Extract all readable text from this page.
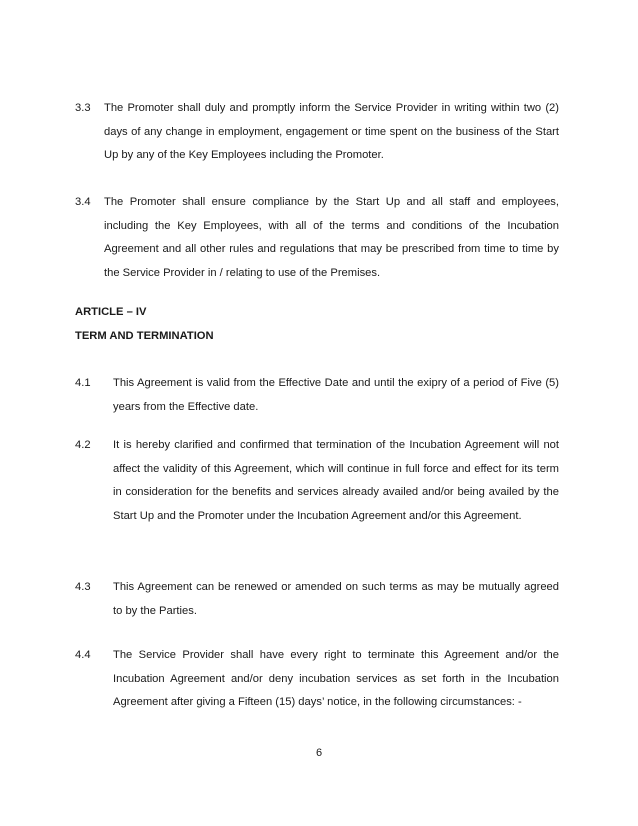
3.3 The Promoter shall duly and promptly inform the Service Provider in writing within two (2) days of any change in employment, engagement or time spent on the business of the Start Up by any of the Key Employees including the Promoter.
3.4 The Promoter shall ensure compliance by the Start Up and all staff and employees, including the Key Employees, with all of the terms and conditions of the Incubation Agreement and all other rules and regulations that may be prescribed from time to time by the Service Provider in / relating to use of the Premises.
ARTICLE – IV
TERM AND TERMINATION
4.1 This Agreement is valid from the Effective Date and until the exipry of a period of Five (5) years from the Effective date.
4.2 It is hereby clarified and confirmed that termination of the Incubation Agreement will not affect the validity of this Agreement, which will continue in full force and effect for its term in consideration for the benefits and services already availed and/or being availed by the Start Up and the Promoter under the Incubation Agreement and/or this Agreement.
4.3 This Agreement can be renewed or amended on such terms as may be mutually agreed to by the Parties.
4.4 The Service Provider shall have every right to terminate this Agreement and/or the Incubation Agreement and/or deny incubation services as set forth in the Incubation Agreement after giving a Fifteen (15) days’ notice, in the following circumstances: -
6
